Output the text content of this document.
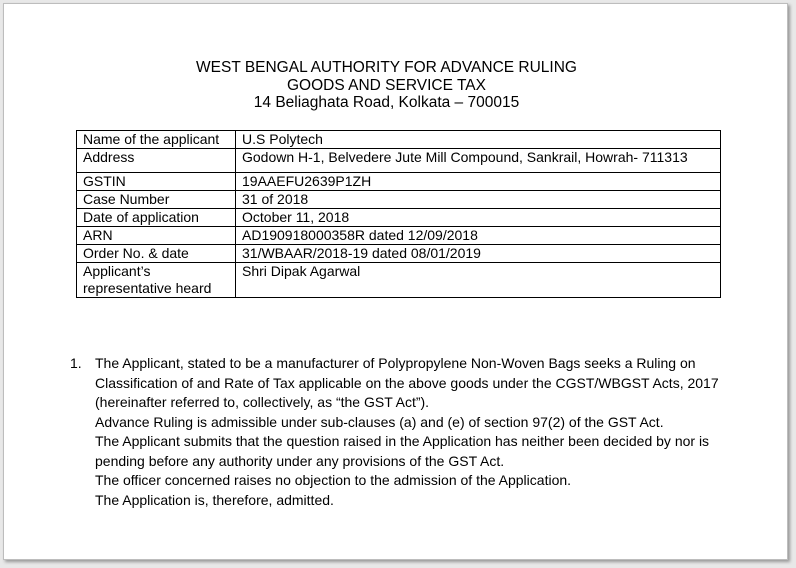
WEST BENGAL AUTHORITY FOR ADVANCE RULING
GOODS AND SERVICE TAX
14 Beliaghata Road, Kolkata – 700015
Name of the applicant	U.S Polytech
Address	Godown H-1, Belvedere Jute Mill Compound, Sankrail, Howrah- 711313
GSTIN	19AAEFU2639P1ZH
Case Number	31 of 2018
Date of application	October 11, 2018
ARN	AD190918000358R dated 12/09/2018
Order No. & date	31/WBAAR/2018-19 dated 08/01/2019
Applicant’s representative heard	Shri Dipak Agarwal
1. The Applicant, stated to be a manufacturer of Polypropylene Non-Woven Bags seeks a Ruling on Classification of and Rate of Tax applicable on the above goods under the CGST/WBGST Acts, 2017 (hereinafter referred to, collectively, as “the GST Act”).

Advance Ruling is admissible under sub-clauses (a) and (e) of section 97(2) of the GST Act.

The Applicant submits that the question raised in the Application has neither been decided by nor is pending before any authority under any provisions of the GST Act.

The officer concerned raises no objection to the admission of the Application.

The Application is, therefore, admitted.
